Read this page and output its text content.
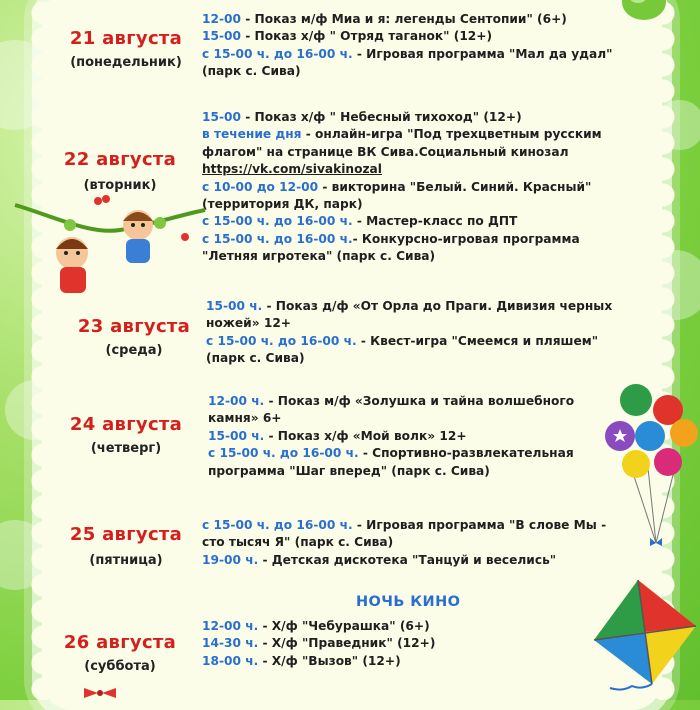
21 августа
(понедельник)
12-00 - Показ м/ф Миа и я: легенды Сентопии" (6+)
15-00 - Показ х/ф " Отряд таганок" (12+)
с 15-00 ч. до 16-00 ч. - Игровая программа "Мал да удал"
(парк с. Сива)
22 августа
(вторник)
15-00 - Показ х/ф " Небесный тихоход" (12+)
в течение дня - онлайн-игра "Под трехцветным русским
флагом" на странице ВК Сива.Социальный кинозал
https://vk.com/sivakinozal
с 10-00 до 12-00 - викторина "Белый. Синий. Красный"
(территория ДК, парк)
с 15-00 ч. до 16-00 ч. - Мастер-класс по ДПТ
с 15-00 ч. до 16-00 ч.- Конкурсно-игровая программа
"Летняя игротека" (парк с. Сива)
23 августа
(среда)
15-00 ч. - Показ д/ф «От Орла до Праги. Дивизия черных
ножей» 12+
с 15-00 ч. до 16-00 ч. - Квест-игра "Смеемся и пляшем"
(парк с. Сива)
24 августа
(четверг)
12-00 ч. - Показ м/ф «Золушка и тайна волшебного
камня» 6+
15-00 ч. - Показ х/ф «Мой волк» 12+
с 15-00 ч. до 16-00 ч. - Спортивно-развлекательная
программа "Шаг вперед" (парк с. Сива)
25 августа
(пятница)
с 15-00 ч. до 16-00 ч. - Игровая программа "В слове Мы -
сто тысяч Я" (парк с. Сива)
19-00 ч. - Детская дискотека "Танцуй и веселись"
НОЧЬ КИНО
26 августа
(суббота)
12-00 ч. - Х/ф "Чебурашка" (6+)
14-30 ч. - Х/ф "Праведник" (12+)
18-00 ч. - Х/ф "Вызов" (12+)
